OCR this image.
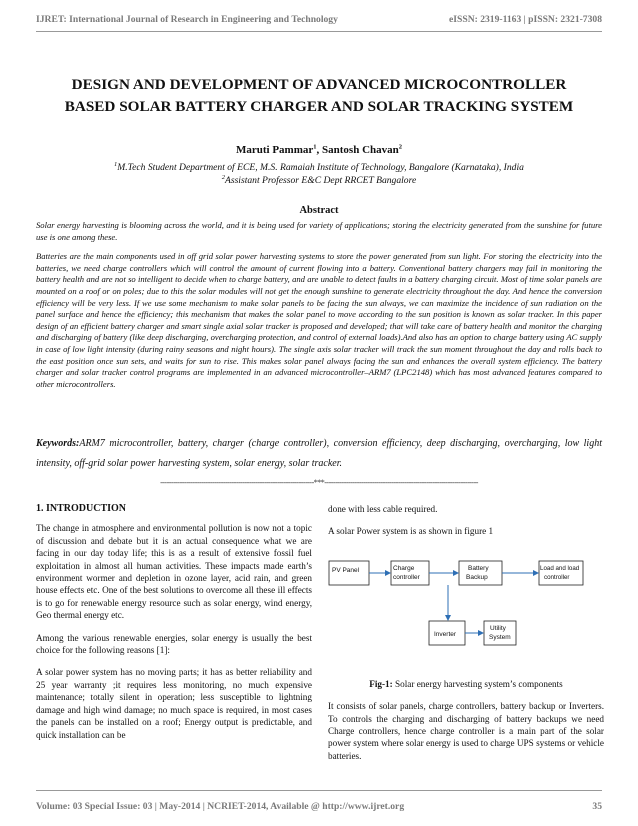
IJRET: International Journal of Research in Engineering and Technology	eISSN: 2319-1163 | pISSN: 2321-7308
DESIGN AND DEVELOPMENT OF ADVANCED MICROCONTROLLER
BASED SOLAR BATTERY CHARGER AND SOLAR TRACKING SYSTEM
Maruti Pammar$^1$, Santosh Chavan$^2$
$^1$M.Tech Student Department of ECE, M.S. Ramaiah Institute of Technology, Bangalore (Karnataka), India
$^2$Assistant Professor E&C Dept RRCET Bangalore
Abstract

Solar energy harvesting is blooming across the world, and it is being used for variety of applications; storing the electricity generated from the sunshine for future use is one among these.

Batteries are the main components used in off grid solar power harvesting systems to store the power generated from sun light. For storing the electricity into the batteries, we need charge controllers which will control the amount of current flowing into a battery. Conventional battery chargers may fail in monitoring the battery health and are not so intelligent to decide when to charge battery, and are unable to detect faults in a battery charging circuit. Most of time solar panels are mounted on a roof or on poles; due to this the solar modules will not get the enough sunshine to generate electricity throughout the day. And hence the conversion efficiency will be very less. If we use some mechanism to make solar panels to be facing the sun always, we can maximize the incidence of sun radiation on the panel surface and hence the efficiency; this mechanism that makes the solar panel to move according to the sun position is known as solar tracker. In this paper design of an efficient battery charger and smart single axial solar tracker is proposed and developed; that will take care of battery health and monitor the charging and discharging of battery (like deep discharging, overcharging protection, and control of external loads).And also has an option to charge battery using AC supply in case of low light intensity (during rainy seasons and night hours). The single axis solar tracker will track the sun moment throughout the day and rolls back to the east position once sun sets, and waits for sun to rise. This makes solar panel always facing the sun and enhances the overall system efficiency. The battery charger and solar tracker control programs are implemented in an advanced microcontroller–ARM7 (LPC2148) which has most advanced features compared to other microcontrollers.

Keywords:ARM7 microcontroller, battery, charger (charge controller), conversion efficiency, deep discharging, overcharging, low light intensity, off-grid solar power harvesting system, solar energy, solar tracker.
-----------------------------------------------------------------------***-----------------------------------------------------------------------

1. INTRODUCTION

The change in atmosphere and environmental pollution is now not a topic of discussion and debate but it is an actual consequence what we are facing in our day today life; this is as a result of extensive fossil fuel exploitation in almost all human activities. These impacts made earth’s environment wormer and depletion in ozone layer, acid rain, and green house effects etc. One of the best solutions to overcome all these ill effects is to go for renewable energy resource such as solar energy, wind energy, Geo thermal energy etc.

Among the various renewable energies, solar energy is usually the best choice for the following reasons [1]:

A solar power system has no moving parts; it has as better reliability and 25 year warranty ;it requires less monitoring, no much expensive maintenance; totally silent in operation; less susceptible to lightning damage and high wind damage; no much space is required, in most cases the panels can be installed on a roof; Energy output is predictable, and quick installation can be

done with less cable required.

A solar Power system is as shown in figure 1

PV Panel	Charge
controller
Battery
Backup
Load and load
controller
Inverter
Utility
System

Fig-1: Solar energy harvesting system’s components

It consists of solar panels, charge controllers, battery backup or Inverters. To controls the charging and discharging of battery backups we need Charge controllers, hence charge controller is a main part of the solar power system where solar energy is used to charge UPS systems or vehicle batteries.

Volume: 03 Special Issue: 03 | May-2014 | NCRIET-2014, Available @ http://www.ijret.org	35
